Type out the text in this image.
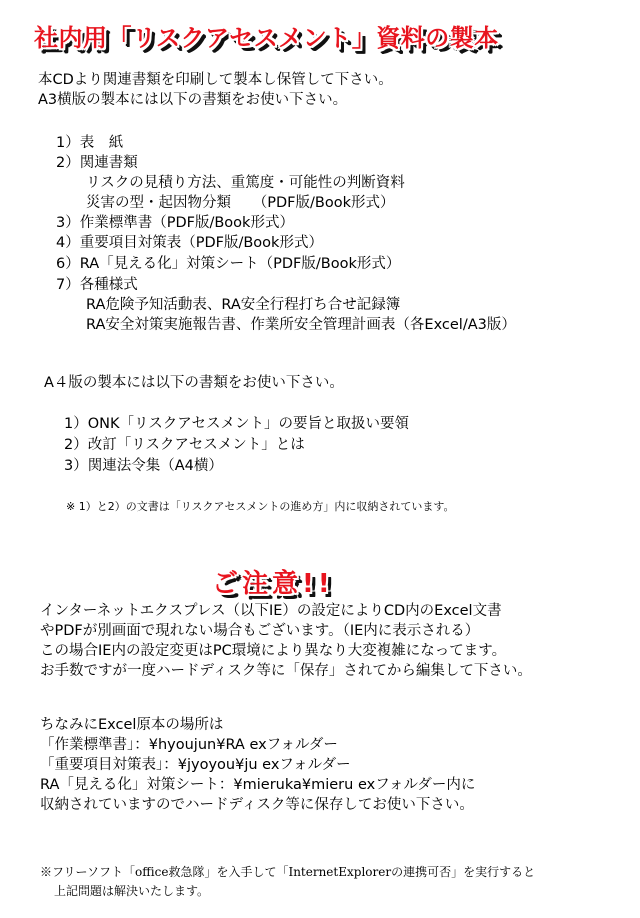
社内用「リスクアセスメント」資料の製本
本CDより関連書類を印刷して製本し保管して下さい。
A3横版の製本には以下の書類をお使い下さい。
1）表　紙
2）関連書類
リスクの見積り方法、重篤度・可能性の判断資料
災害の型・起因物分類　　（PDF版/Book形式）
3）作業標準書（PDF版/Book形式）
4）重要項目対策表（PDF版/Book形式）
6）RA「見える化」対策シート（PDF版/Book形式）
7）各種様式
RA危険予知活動表、RA安全行程打ち合せ記録簿
RA安全対策実施報告書、作業所安全管理計画表（各Excel/A3版）
A４版の製本には以下の書類をお使い下さい。
1）ONK「リスクアセスメント」の要旨と取扱い要領
2）改訂「リスクアセスメント」とは
3）関連法令集（A4横）
※ 1）と2）の文書は「リスクアセスメントの進め方」内に収納されています。
ご注意!!
インターネットエクスプレス（以下IE）の設定によりCD内のExcel文書
やPDFが別画面で現れない場合もございます。（IE内に表示される）
この場合IE内の設定変更はPC環境により異なり大変複雑になってます。
お手数ですが一度ハードディスク等に「保存」されてから編集して下さい。
ちなみにExcel原本の場所は
「作業標準書」：¥hyoujun¥RA exフォルダー
「重要項目対策表」：¥jyoyou¥ju exフォルダー
RA「見える化」対策シート：¥mieruka¥mieru exフォルダー内に
収納されていますのでハードディスク等に保存してお使い下さい。
※フリーソフト「office救急隊」を入手して「InternetExplorerの連携可否」を実行すると
上記問題は解決いたします。
